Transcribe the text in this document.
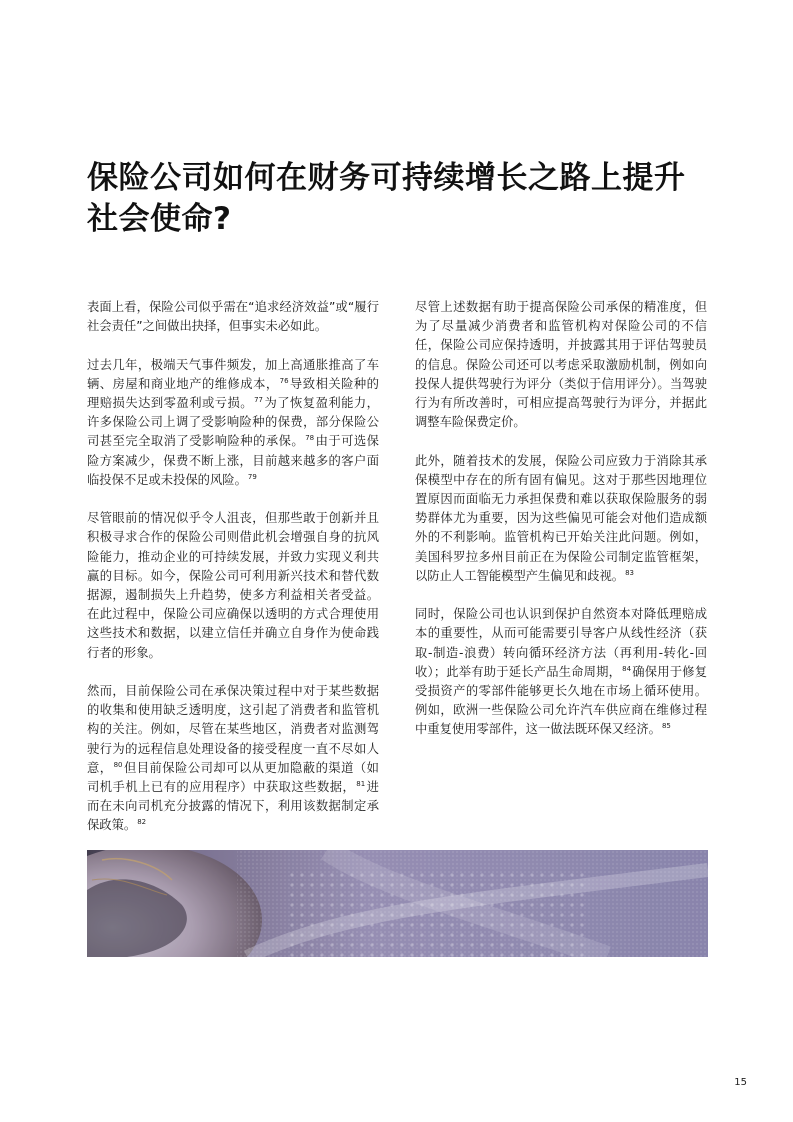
保险公司如何在财务可持续增长之路上提升
社会使命?

表面上看，保险公司似乎需在“追求经济效益”或“履行社会责任”之间做出抉择，但事实未必如此。

过去几年，极端天气事件频发，加上高通胀推高了车辆、房屋和商业地产的维修成本，$^{76}$导致相关险种的理赔损失达到零盈利或亏损。$^{77}$为了恢复盈利能力，许多保险公司上调了受影响险种的保费，部分保险公司甚至完全取消了受影响险种的承保。$^{78}$由于可选保险方案减少，保费不断上涨，目前越来越多的客户面临投保不足或未投保的风险。$^{79}$

尽管眼前的情况似乎令人沮丧，但那些敢于创新并且积极寻求合作的保险公司则借此机会增强自身的抗风险能力，推动企业的可持续发展，并致力实现义利共赢的目标。如今，保险公司可利用新兴技术和替代数据源，遏制损失上升趋势，使多方利益相关者受益。在此过程中，保险公司应确保以透明的方式合理使用这些技术和数据，以建立信任并确立自身作为使命践行者的形象。

然而，目前保险公司在承保决策过程中对于某些数据的收集和使用缺乏透明度，这引起了消费者和监管机构的关注。例如，尽管在某些地区，消费者对监测驾驶行为的远程信息处理设备的接受程度一直不尽如人意，$^{80}$但目前保险公司却可以从更加隐蔽的渠道（如司机手机上已有的应用程序）中获取这些数据，$^{81}$进而在未向司机充分披露的情况下，利用该数据制定承保政策。$^{82}$

尽管上述数据有助于提高保险公司承保的精准度，但为了尽量减少消费者和监管机构对保险公司的不信任，保险公司应保持透明，并披露其用于评估驾驶员的信息。保险公司还可以考虑采取激励机制，例如向投保人提供驾驶行为评分（类似于信用评分）。当驾驶行为有所改善时，可相应提高驾驶行为评分，并据此调整车险保费定价。

此外，随着技术的发展，保险公司应致力于消除其承保模型中存在的所有固有偏见。这对于那些因地理位置原因而面临无力承担保费和难以获取保险服务的弱势群体尤为重要，因为这些偏见可能会对他们造成额外的不利影响。监管机构已开始关注此问题。例如，美国科罗拉多州目前正在为保险公司制定监管框架，以防止人工智能模型产生偏见和歧视。$^{83}$

同时，保险公司也认识到保护自然资本对降低理赔成本的重要性，从而可能需要引导客户从线性经济（获取-制造-浪费）转向循环经济方法（再利用-转化-回收）；此举有助于延长产品生命周期，$^{84}$确保用于修复受损资产的零部件能够更长久地在市场上循环使用。例如，欧洲一些保险公司允许汽车供应商在维修过程中重复使用零部件，这一做法既环保又经济。$^{85}$

15
